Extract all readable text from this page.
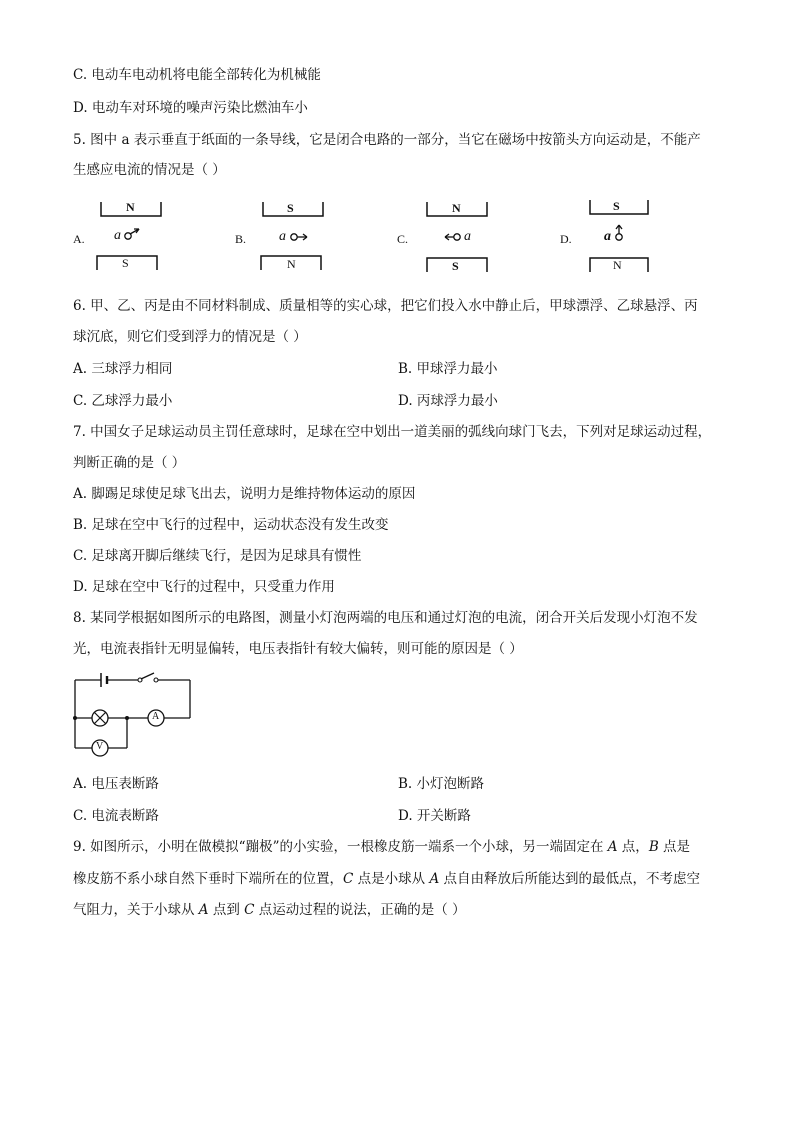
C. 电动车电动机将电能全部转化为机械能
D. 电动车对环境的噪声污染比燃油车小
5. 图中 a 表示垂直于纸面的一条导线，它是闭合电路的一部分，当它在磁场中按箭头方向运动是，不能产
生感应电流的情况是（ ）
A.
N
S
a	B.
S
N
a	C.
N
S
a	D.
S
N
a
6. 甲、乙、丙是由不同材料制成、质量相等的实心球，把它们投入水中静止后，甲球漂浮、乙球悬浮、丙
球沉底，则它们受到浮力的情况是（ ）
A. 三球浮力相同	B. 甲球浮力最小
C. 乙球浮力最小	D. 丙球浮力最小
7. 中国女子足球运动员主罚任意球时，足球在空中划出一道美丽的弧线向球门飞去，下列对足球运动过程，
判断正确的是（ ）
A. 脚踢足球使足球飞出去，说明力是维持物体运动的原因
B. 足球在空中飞行的过程中，运动状态没有发生改变
C. 足球离开脚后继续飞行，是因为足球具有惯性
D. 足球在空中飞行的过程中，只受重力作用
8. 某同学根据如图所示的电路图，测量小灯泡两端的电压和通过灯泡的电流，闭合开关后发现小灯泡不发
光，电流表指针无明显偏转，电压表指针有较大偏转，则可能的原因是（ ）
A
V
A. 电压表断路	B. 小灯泡断路
C. 电流表断路	D. 开关断路
9. 如图所示，小明在做模拟“蹦极”的小实验，一根橡皮筋一端系一个小球，另一端固定在 A 点，B 点是
橡皮筋不系小球自然下垂时下端所在的位置，C 点是小球从 A 点自由释放后所能达到的最低点，不考虑空
气阻力，关于小球从 A 点到 C 点运动过程的说法，正确的是（ ）
